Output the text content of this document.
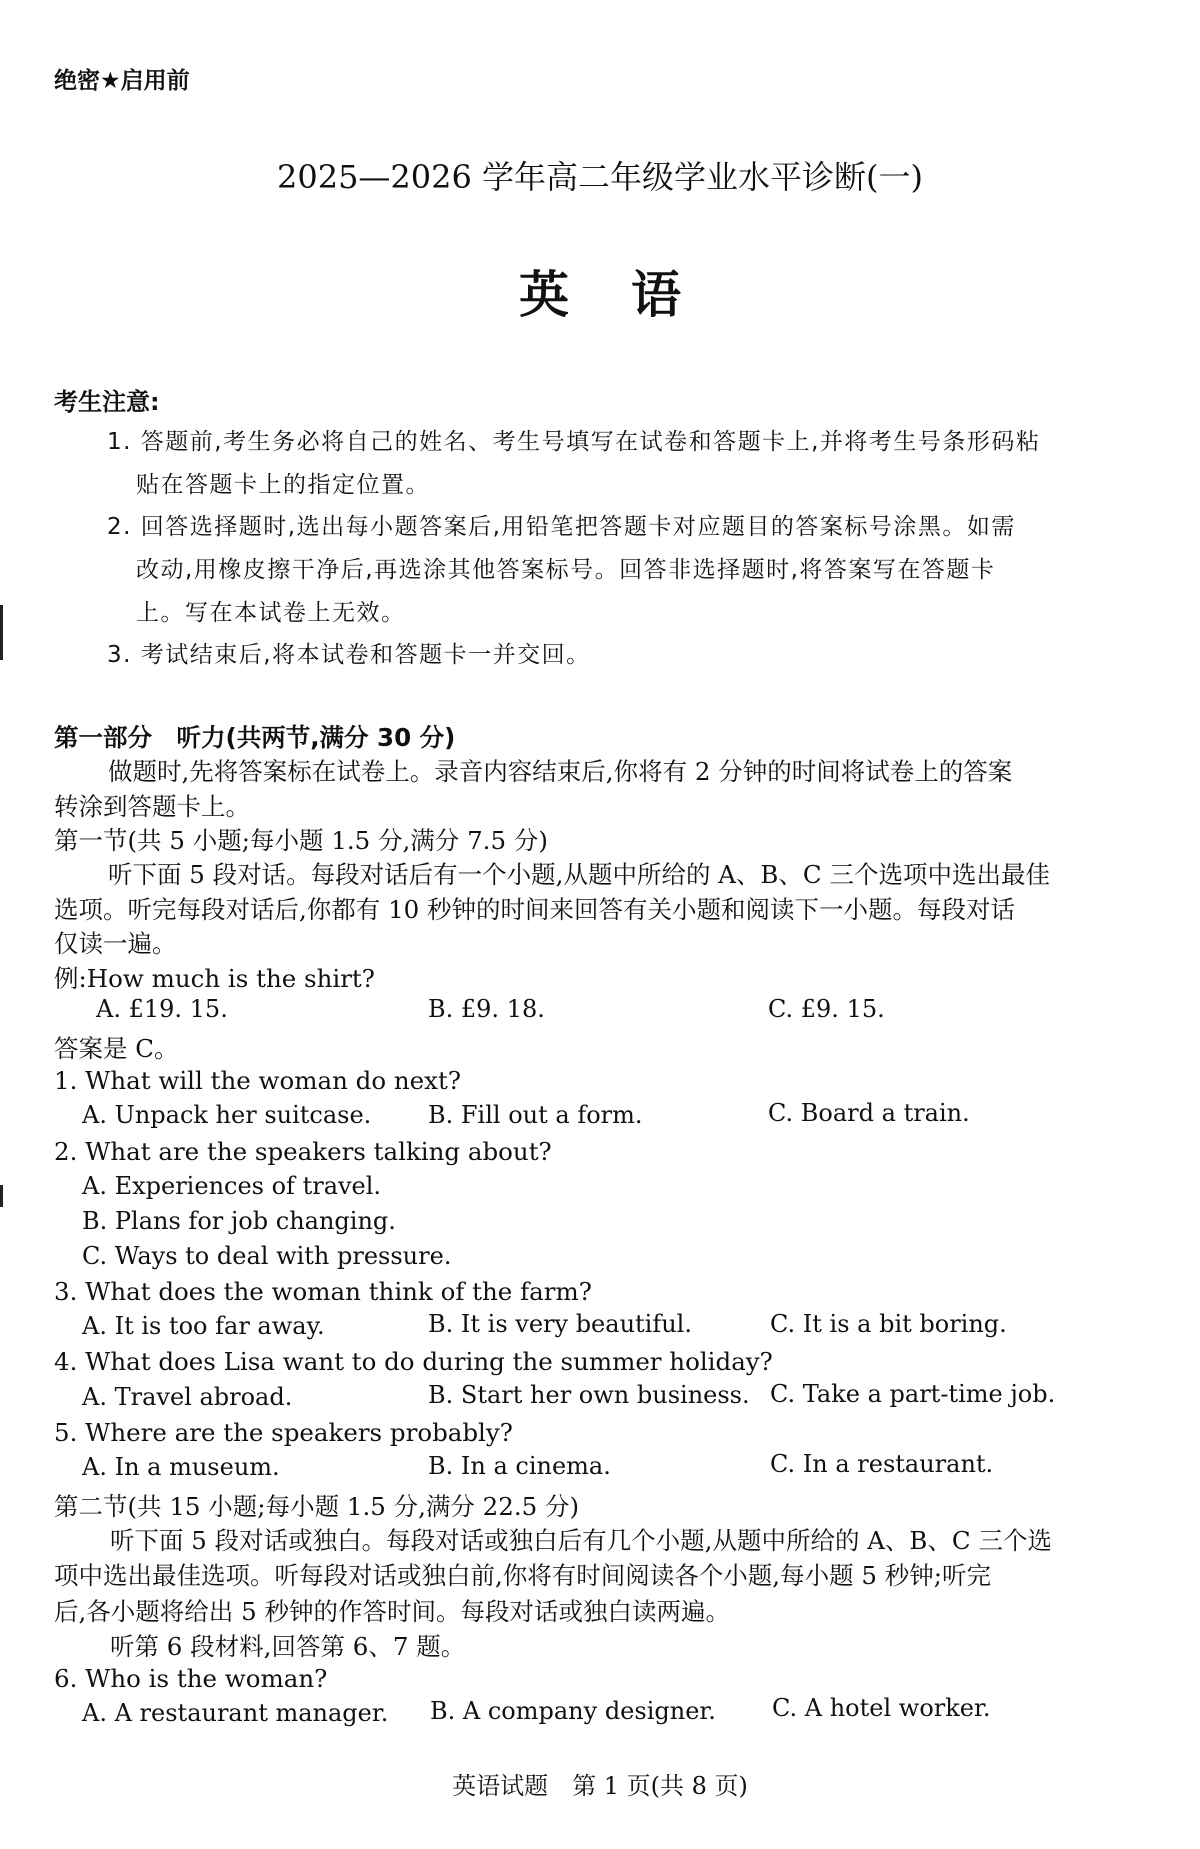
绝密★启用前
2025—2026 学年高二年级学业水平诊断(一)
英语
考生注意:
1. 答题前,考生务必将自己的姓名、考生号填写在试卷和答题卡上,并将考生号条形码粘
贴在答题卡上的指定位置。
2. 回答选择题时,选出每小题答案后,用铅笔把答题卡对应题目的答案标号涂黑。如需
改动,用橡皮擦干净后,再选涂其他答案标号。回答非选择题时,将答案写在答题卡
上。写在本试卷上无效。
3. 考试结束后,将本试卷和答题卡一并交回。
第一部分　听力(共两节,满分 30 分)
做题时,先将答案标在试卷上。录音内容结束后,你将有 2 分钟的时间将试卷上的答案
转涂到答题卡上。
第一节(共 5 小题;每小题 1.5 分,满分 7.5 分)
听下面 5 段对话。每段对话后有一个小题,从题中所给的 A、B、C 三个选项中选出最佳
选项。听完每段对话后,你都有 10 秒钟的时间来回答有关小题和阅读下一小题。每段对话
仅读一遍。
例:How much is the shirt?
A. £19. 15.	B. £9. 18.	C. £9. 15.
答案是 C。
1. What will the woman do next?
A. Unpack her suitcase. B. Fill out a form.	C. Board a train.
2. What are the speakers talking about?
A. Experiences of travel.
B. Plans for job changing.
C. Ways to deal with pressure.
3. What does the woman think of the farm?
A. It is too far away.	B. It is very beautiful.	C. It is a bit boring.
4. What does Lisa want to do during the summer holiday?
A. Travel abroad.	B. Start her own business. C. Take a part-time job.
5. Where are the speakers probably?
A. In a museum.	B. In a cinema.	C. In a restaurant.
第二节(共 15 小题;每小题 1.5 分,满分 22.5 分)
听下面 5 段对话或独白。每段对话或独白后有几个小题,从题中所给的 A、B、C 三个选
项中选出最佳选项。听每段对话或独白前,你将有时间阅读各个小题,每小题 5 秒钟;听完
后,各小题将给出 5 秒钟的作答时间。每段对话或独白读两遍。
听第 6 段材料,回答第 6、7 题。
6. Who is the woman?
A. A restaurant manager. B. A company designer. C. A hotel worker.
英语试题　第 1 页(共 8 页)
